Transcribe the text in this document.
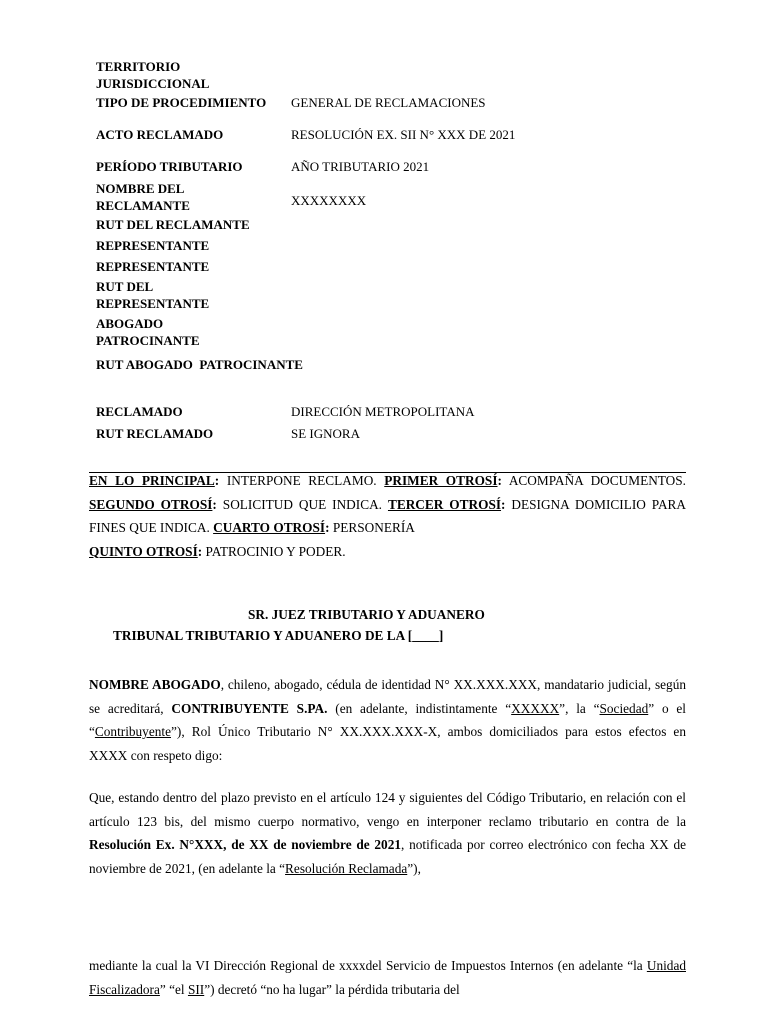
TERRITORIO JURISDICCIONAL
TIPO DE PROCEDIMIENTO	GENERAL DE RECLAMACIONES
ACTO RECLAMADO	RESOLUCIÓN EX. SII N° XXX DE 2021
PERÍODO TRIBUTARIO	AÑO TRIBUTARIO 2021
NOMBRE DEL RECLAMANTE	XXXXXXXX
RUT DEL RECLAMANTE
REPRESENTANTE
REPRESENTANTE
RUT DEL REPRESENTANTE
ABOGADO PATROCINANTE
RUT ABOGADO  PATROCINANTE
RECLAMADO	DIRECCIÓN METROPOLITANA
RUT RECLAMADO	SE IGNORA
EN LO PRINCIPAL: INTERPONE RECLAMO. PRIMER OTROSÍ: ACOMPAÑA DOCUMENTOS. SEGUNDO OTROSÍ: SOLICITUD QUE INDICA. TERCER OTROSÍ: DESIGNA DOMICILIO PARA FINES QUE INDICA. CUARTO OTROSÍ: PERSONERÍA
QUINTO OTROSÍ: PATROCINIO Y PODER.
SR. JUEZ TRIBUTARIO Y ADUANERO
TRIBUNAL TRIBUTARIO Y ADUANERO DE LA [____]
NOMBRE ABOGADO, chileno, abogado, cédula de identidad N° XX.XXX.XXX, mandatario judicial, según se acreditará, CONTRIBUYENTE S.PA. (en adelante, indistintamente “XXXXX”, la “Sociedad” o el “Contribuyente”), Rol Único Tributario N° XX.XXX.XXX-X, ambos domiciliados para estos efectos en XXXX con respeto digo:
Que, estando dentro del plazo previsto en el artículo 124 y siguientes del Código Tributario, en relación con el artículo 123 bis, del mismo cuerpo normativo, vengo en interponer reclamo tributario en contra de la Resolución Ex. N°XXX, de XX de noviembre de 2021, notificada por correo electrónico con fecha XX de noviembre de 2021, (en adelante la “Resolución Reclamada”),
mediante la cual la VI Dirección Regional de xxxxdel Servicio de Impuestos Internos (en adelante “la Unidad Fiscalizadora” “el SII”) decretó “no ha lugar” la pérdida tributaria del
